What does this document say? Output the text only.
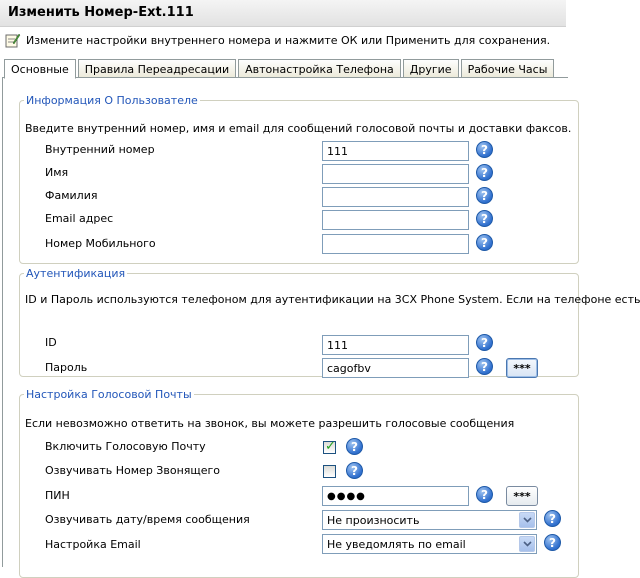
Изменить Номер-Ext.111
Измените настройки внутреннего номера и нажмите ОК или Применить для сохранения.
Основные	Правила Переадресации	Автонастройка Телефона	Другие	Рабочие Часы
Информация О Пользователе
Введите внутренний номер, имя и email для сообщений голосовой почты и доставки факсов.
Внутренний номер
111	?
Имя	?
Фамилия	?
Email адрес	?
Номер Мобильного	?
Аутентификация
ID и Пароль используются телефоном для аутентификации на 3CX Phone System. Если на телефоне есть
ID
111	?
Пароль
cagofbv	?	***
Настройка Голосовой Почты
Если невозможно ответить на звонок, вы можете разрешить голосовые сообщения
Включить Голосовую Почту
✓	?
Озвучивать Номер Звонящего	?
ПИН
●●●●	?	***
Озвучивать дату/время сообщения	Не произносить	?
Настройка Email	Не уведомлять по email	?
